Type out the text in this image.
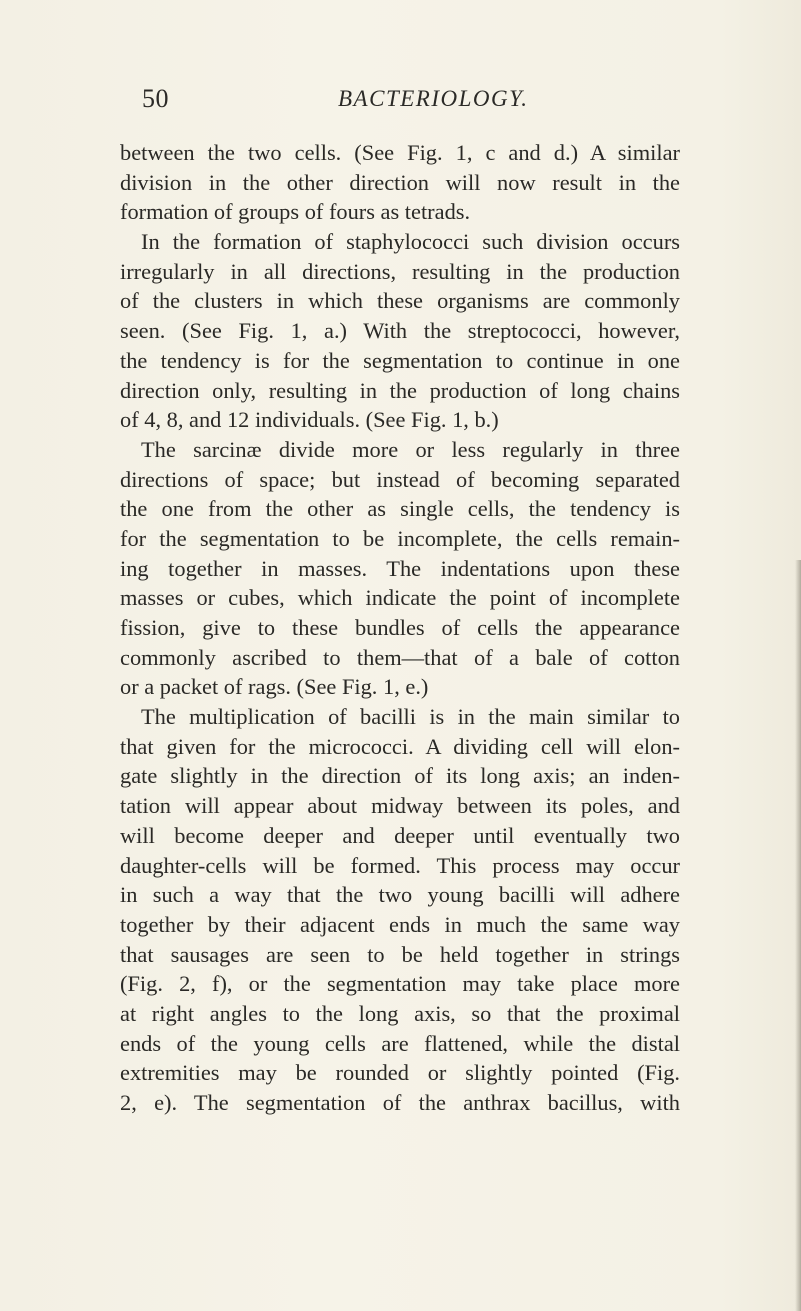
50	BACTERIOLOGY.
between the two cells. (See Fig. 1, c and d.) A similar
division in the other direction will now result in the
formation of groups of fours as tetrads.
In the formation of staphylococci such division occurs
irregularly in all directions, resulting in the production
of the clusters in which these organisms are commonly
seen. (See Fig. 1, a.) With the streptococci, however,
the tendency is for the segmentation to continue in one
direction only, resulting in the production of long chains
of 4, 8, and 12 individuals. (See Fig. 1, b.)
The sarcinæ divide more or less regularly in three
directions of space; but instead of becoming separated
the one from the other as single cells, the tendency is
for the segmentation to be incomplete, the cells remain-
ing together in masses. The indentations upon these
masses or cubes, which indicate the point of incomplete
fission, give to these bundles of cells the appearance
commonly ascribed to them—that of a bale of cotton
or a packet of rags. (See Fig. 1, e.)
The multiplication of bacilli is in the main similar to
that given for the micrococci. A dividing cell will elon-
gate slightly in the direction of its long axis; an inden-
tation will appear about midway between its poles, and
will become deeper and deeper until eventually two
daughter-cells will be formed. This process may occur
in such a way that the two young bacilli will adhere
together by their adjacent ends in much the same way
that sausages are seen to be held together in strings
(Fig. 2, f), or the segmentation may take place more
at right angles to the long axis, so that the proximal
ends of the young cells are flattened, while the distal
extremities may be rounded or slightly pointed (Fig.
2, e). The segmentation of the anthrax bacillus, with
